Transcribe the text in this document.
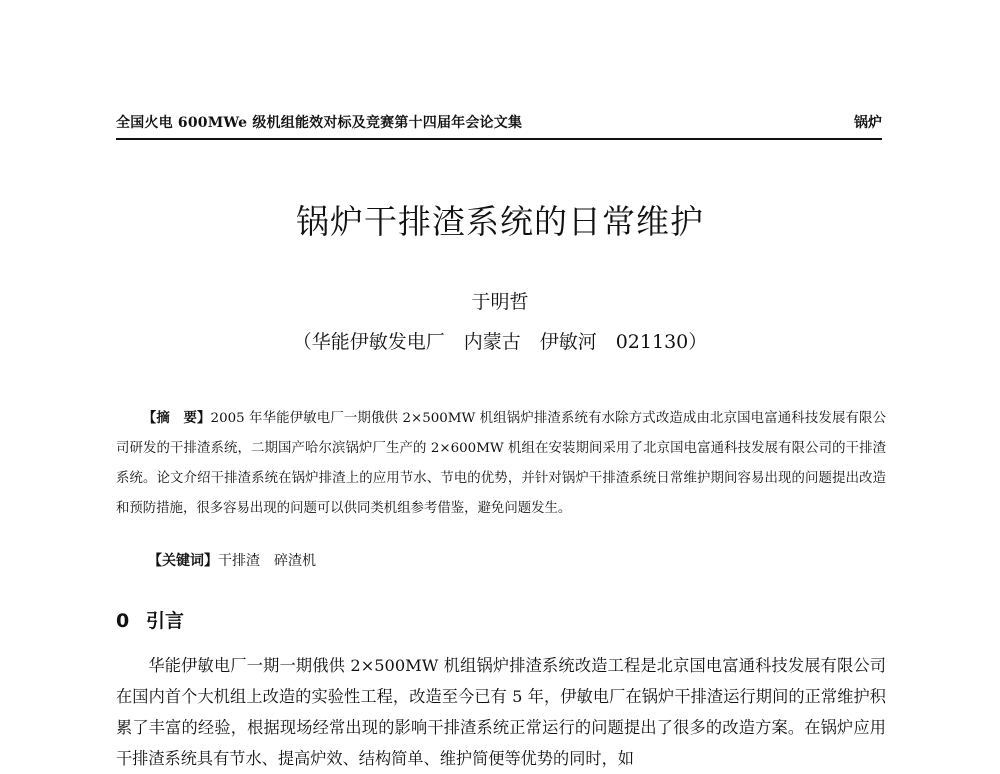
全国火电 600MWe 级机组能效对标及竞赛第十四届年会论文集	锅炉
锅炉干排渣系统的日常维护
于明哲
（华能伊敏发电厂　内蒙古　伊敏河　021130）
【摘　要】2005 年华能伊敏电厂一期俄供 2×500MW 机组锅炉排渣系统有水除方式改造成由北京国电富通科技发展有限公司研发的干排渣系统，二期国产哈尔滨锅炉厂生产的 2×600MW 机组在安装期间采用了北京国电富通科技发展有限公司的干排渣系统。论文介绍干排渣系统在锅炉排渣上的应用节水、节电的优势，并针对锅炉干排渣系统日常维护期间容易出现的问题提出改造和预防措施，很多容易出现的问题可以供同类机组参考借鉴，避免问题发生。
【关键词】干排渣　碎渣机
0 引言
华能伊敏电厂一期一期俄供 2×500MW 机组锅炉排渣系统改造工程是北京国电富通科技发展有限公司在国内首个大机组上改造的实验性工程，改造至今已有 5 年，伊敏电厂在锅炉干排渣运行期间的正常维护积累了丰富的经验，根据现场经常出现的影响干排渣系统正常运行的问题提出了很多的改造方案。在锅炉应用干排渣系统具有节水、提高炉效、结构简单、维护简便等优势的同时，如
